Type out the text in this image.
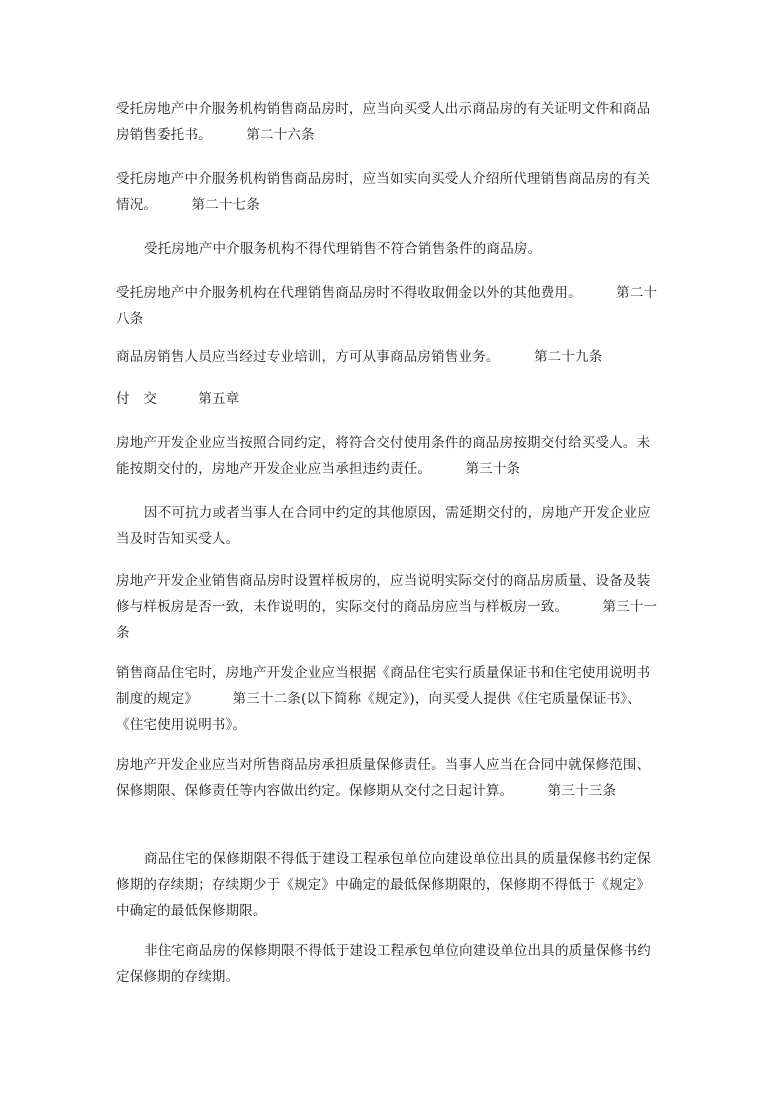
受托房地产中介服务机构销售商品房时，应当向买受人出示商品房的有关证明文件和商品房销售委托书。　　　第二十六条

受托房地产中介服务机构销售商品房时，应当如实向买受人介绍所代理销售商品房的有关情况。　　　第二十七条

受托房地产中介服务机构不得代理销售不符合销售条件的商品房。

受托房地产中介服务机构在代理销售商品房时不得收取佣金以外的其他费用。　　　第二十八条

商品房销售人员应当经过专业培训，方可从事商品房销售业务。　　　第二十九条

付　交　　　第五章

房地产开发企业应当按照合同约定，将符合交付使用条件的商品房按期交付给买受人。未能按期交付的，房地产开发企业应当承担违约责任。　　　第三十条

因不可抗力或者当事人在合同中约定的其他原因，需延期交付的，房地产开发企业应当及时告知买受人。

房地产开发企业销售商品房时设置样板房的，应当说明实际交付的商品房质量、设备及装修与样板房是否一致，未作说明的，实际交付的商品房应当与样板房一致。　　　第三十一条

销售商品住宅时，房地产开发企业应当根据《商品住宅实行质量保证书和住宅使用说明书制度的规定》　　　第三十二条(以下简称《规定》)，向买受人提供《住宅质量保证书》、《住宅使用说明书》。

房地产开发企业应当对所售商品房承担质量保修责任。当事人应当在合同中就保修范围、保修期限、保修责任等内容做出约定。保修期从交付之日起计算。　　　第三十三条

商品住宅的保修期限不得低于建设工程承包单位向建设单位出具的质量保修书约定保修期的存续期；存续期少于《规定》中确定的最低保修期限的，保修期不得低于《规定》中确定的最低保修期限。

非住宅商品房的保修期限不得低于建设工程承包单位向建设单位出具的质量保修书约定保修期的存续期。
